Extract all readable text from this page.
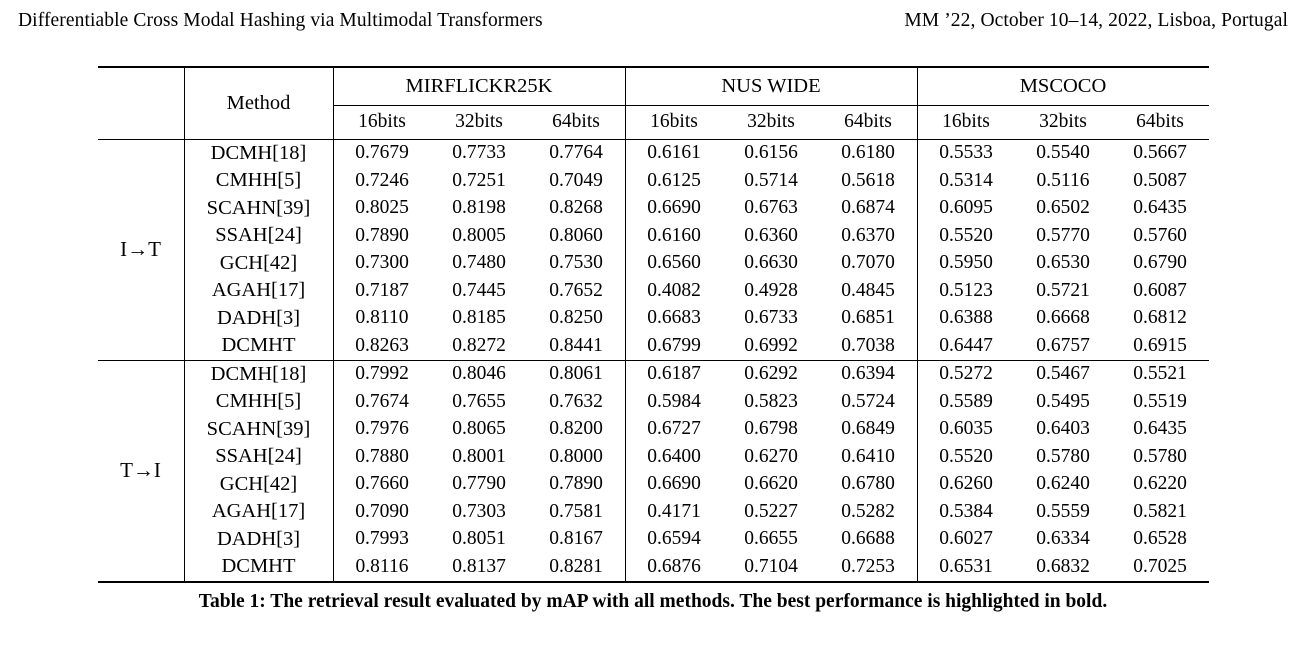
Differentiable Cross Modal Hashing via Multimodal Transformers	MM ’22, October 10–14, 2022, Lisboa, Portugal
	Method	MIRFLICKR25K			NUS WIDE			MSCOCO		
		16bits	32bits	64bits	16bits	32bits	64bits	16bits	32bits	64bits
I→T	DCMH[18]	0.7679	0.7733	0.7764	0.6161	0.6156	0.6180	0.5533	0.5540	0.5667
	CMHH[5]	0.7246	0.7251	0.7049	0.6125	0.5714	0.5618	0.5314	0.5116	0.5087
	SCAHN[39]	0.8025	0.8198	0.8268	0.6690	0.6763	0.6874	0.6095	0.6502	0.6435
	SSAH[24]	0.7890	0.8005	0.8060	0.6160	0.6360	0.6370	0.5520	0.5770	0.5760
	GCH[42]	0.7300	0.7480	0.7530	0.6560	0.6630	0.7070	0.5950	0.6530	0.6790
	AGAH[17]	0.7187	0.7445	0.7652	0.4082	0.4928	0.4845	0.5123	0.5721	0.6087
	DADH[3]	0.8110	0.8185	0.8250	0.6683	0.6733	0.6851	0.6388	0.6668	0.6812
	DCMHT	0.8263	0.8272	0.8441	0.6799	0.6992	0.7038	0.6447	0.6757	0.6915
T→I	DCMH[18]	0.7992	0.8046	0.8061	0.6187	0.6292	0.6394	0.5272	0.5467	0.5521
	CMHH[5]	0.7674	0.7655	0.7632	0.5984	0.5823	0.5724	0.5589	0.5495	0.5519
	SCAHN[39]	0.7976	0.8065	0.8200	0.6727	0.6798	0.6849	0.6035	0.6403	0.6435
	SSAH[24]	0.7880	0.8001	0.8000	0.6400	0.6270	0.6410	0.5520	0.5780	0.5780
	GCH[42]	0.7660	0.7790	0.7890	0.6690	0.6620	0.6780	0.6260	0.6240	0.6220
	AGAH[17]	0.7090	0.7303	0.7581	0.4171	0.5227	0.5282	0.5384	0.5559	0.5821
	DADH[3]	0.7993	0.8051	0.8167	0.6594	0.6655	0.6688	0.6027	0.6334	0.6528
	DCMHT	0.8116	0.8137	0.8281	0.6876	0.7104	0.7253	0.6531	0.6832	0.7025

Table 1: The retrieval result evaluated by mAP with all methods. The best performance is highlighted in bold.
